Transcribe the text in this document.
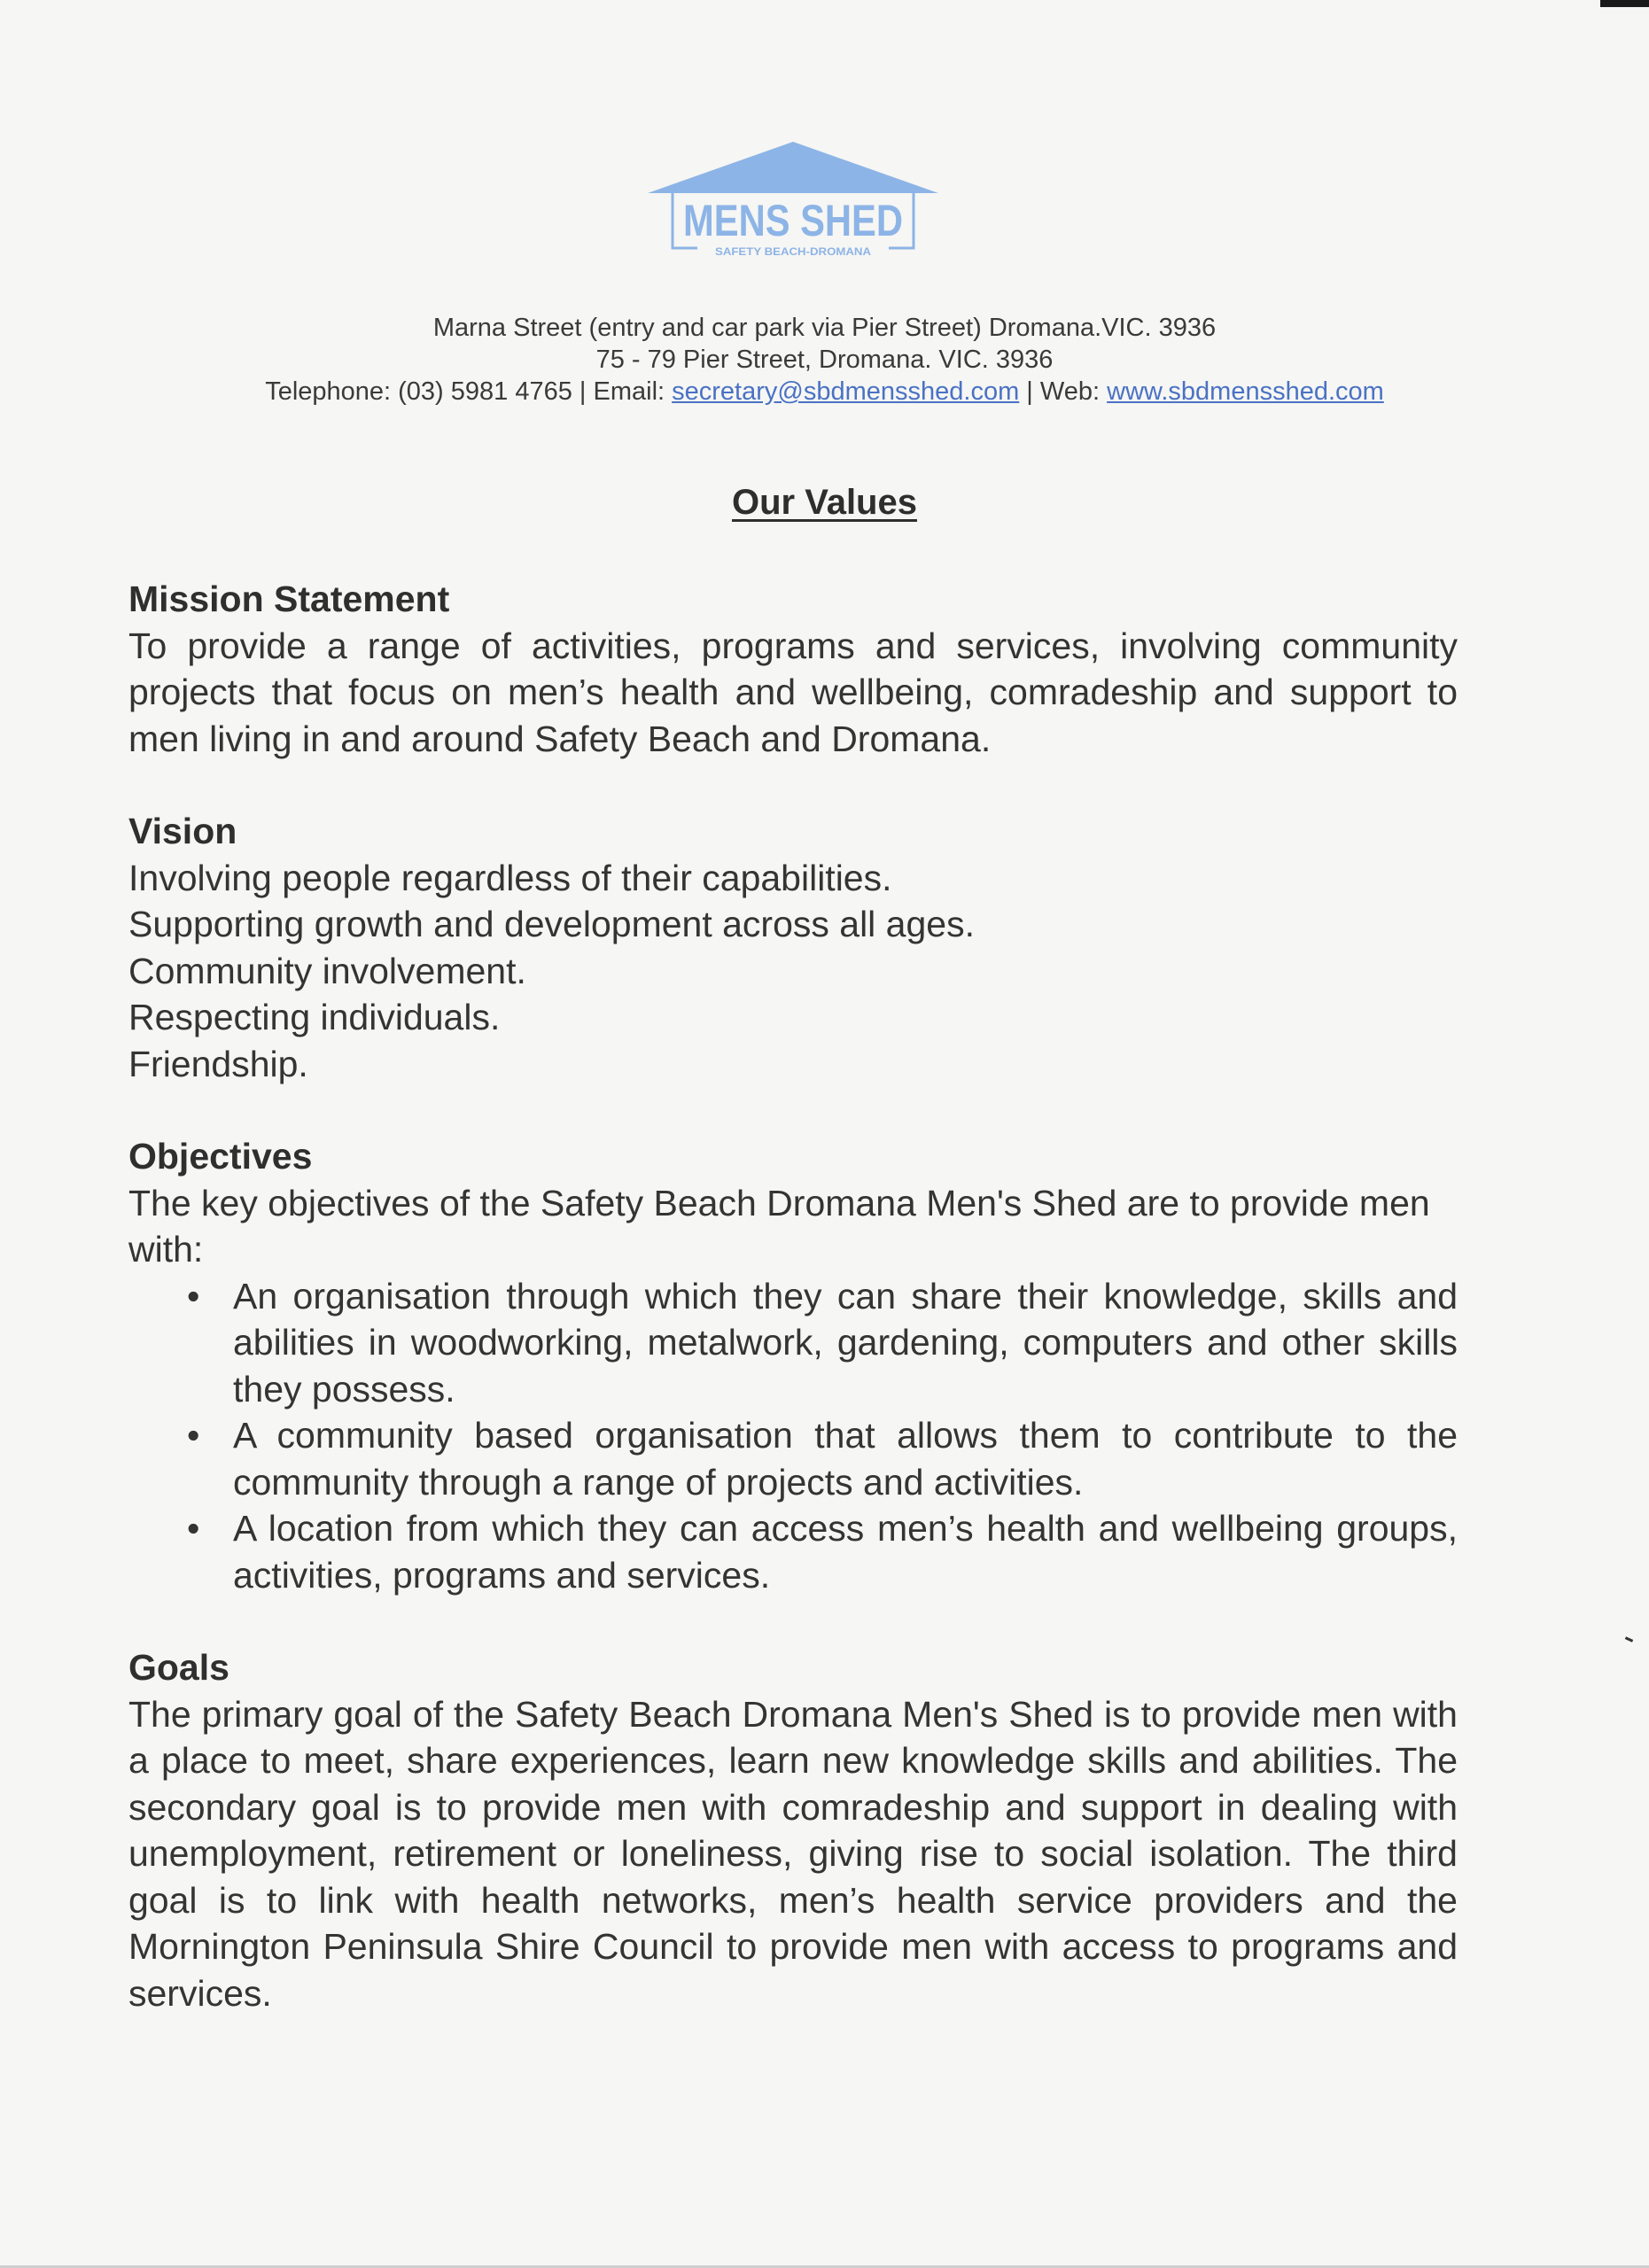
MENS SHED
SAFETY BEACH-DROMANA
Marna Street (entry and car park via Pier Street) Dromana.VIC. 3936
75 - 79 Pier Street, Dromana. VIC. 3936
Telephone: (03) 5981 4765 | Email: secretary@sbdmensshed.com | Web: www.sbdmensshed.com
Our Values
Mission Statement

To provide a range of activities, programs and services, involving community projects that focus on men’s health and wellbeing, comradeship and support to men living in and around Safety Beach and Dromana.

Vision
Involving people regardless of their capabilities.
Supporting growth and development across all ages.
Community involvement.
Respecting individuals.
Friendship.
Objectives

The key objectives of the Safety Beach Dromana Men's Shed are to provide men with:

• An organisation through which they can share their knowledge, skills and abilities in woodworking, metalwork, gardening, computers and other skills they possess.
• A community based organisation that allows them to contribute to the community through a range of projects and activities.
• A location from which they can access men’s health and wellbeing groups, activities, programs and services.
Goals

The primary goal of the Safety Beach Dromana Men's Shed is to provide men with a place to meet, share experiences, learn new knowledge skills and abilities. The secondary goal is to provide men with comradeship and support in dealing with unemployment, retirement or loneliness, giving rise to social isolation. The third goal is to link with health networks, men’s health service providers and the Mornington Peninsula Shire Council to provide men with access to programs and services.
